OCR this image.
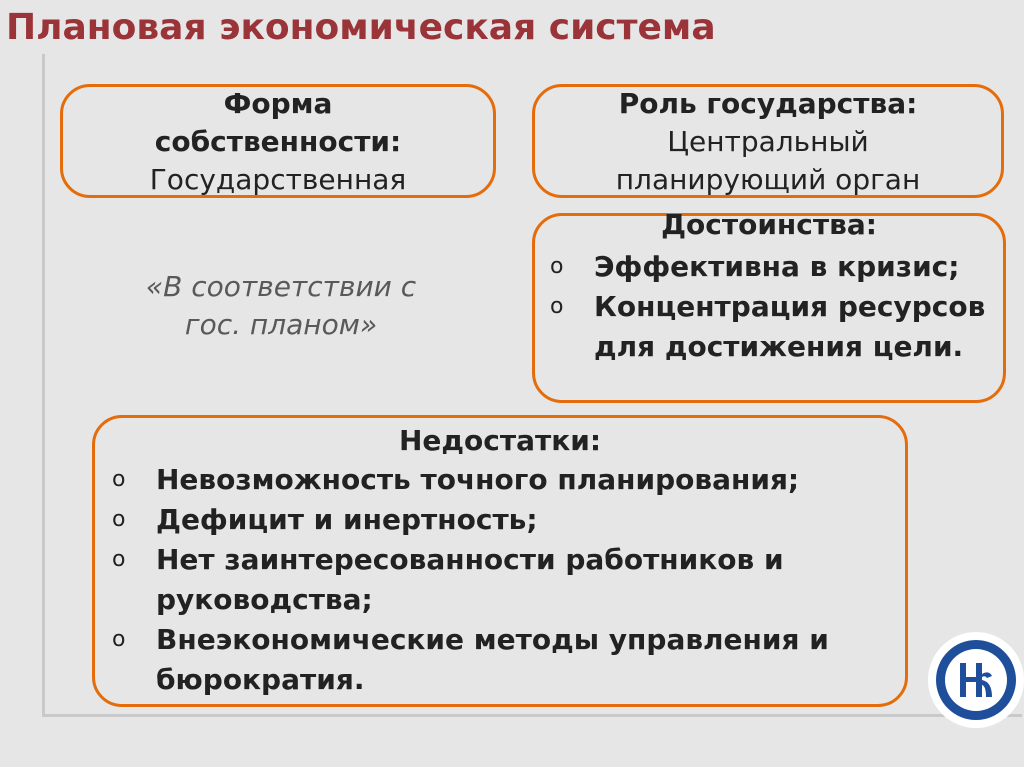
Плановая экономическая система
Форма
собственности:
Государственная
Роль государства:
Центральный
планирующий орган
«В соответствии с
гос. планом»
Достоинства:
o	Эффективна в кризис;
o	Концентрация ресурсов для достижения цели.
Недостатки:
o	Невозможность точного планирования;
o	Дефицит и инертность;
o	Нет заинтересованности работников и руководства;
o	Внеэкономические методы управления и бюрократия.
